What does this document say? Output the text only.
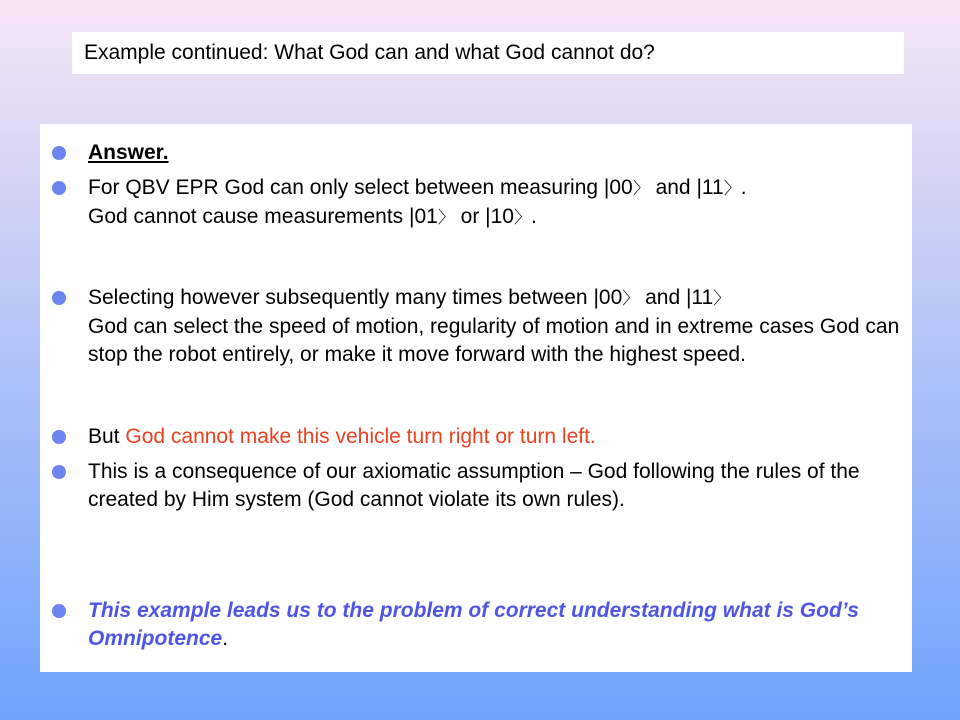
Example continued: What God can and what God cannot do?
Answer.
For QBV EPR God can only select between measuring |00〉 and |11〉.
God cannot cause measurements |01〉 or |10〉.
Selecting however subsequently many times between |00〉 and |11〉
God can select the speed of motion, regularity of motion and in extreme cases God can stop the robot entirely, or make it move forward with the highest speed.
But God cannot make this vehicle turn right or turn left.
This is a consequence of our axiomatic assumption – God following the rules of the created by Him system (God cannot violate its own rules).
This example leads us to the problem of correct understanding what is God’s Omnipotence.
